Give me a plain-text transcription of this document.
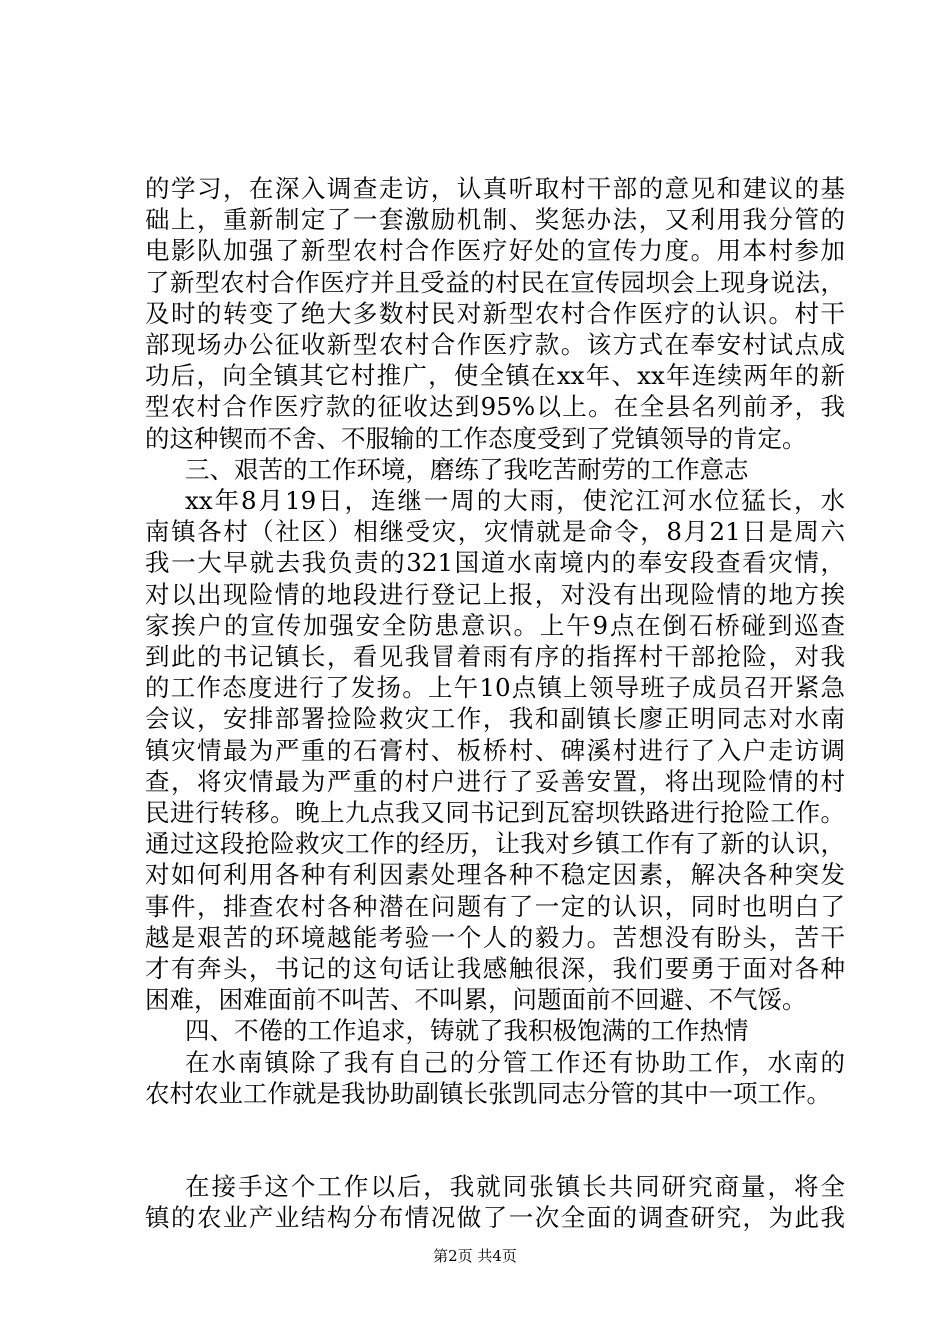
的学习，在深入调查走访，认真听取村干部的意见和建议的基
础上，重新制定了一套激励机制、奖惩办法，又利用我分管的
电影队加强了新型农村合作医疗好处的宣传力度。用本村参加
了新型农村合作医疗并且受益的村民在宣传园坝会上现身说法，
及时的转变了绝大多数村民对新型农村合作医疗的认识。村干
部现场办公征收新型农村合作医疗款。该方式在奉安村试点成
功后，向全镇其它村推广，使全镇在xx年、xx年连续两年的新
型农村合作医疗款的征收达到95%以上。在全县名列前矛，我
的这种锲而不舍、不服输的工作态度受到了党镇领导的肯定。
三、艰苦的工作环境，磨练了我吃苦耐劳的工作意志
xx年8月19日，连继一周的大雨，使沱江河水位猛长，水
南镇各村（社区）相继受灾，灾情就是命令，8月21日是周六
我一大早就去我负责的321国道水南境内的奉安段查看灾情，
对以出现险情的地段进行登记上报，对没有出现险情的地方挨
家挨户的宣传加强安全防患意识。上午9点在倒石桥碰到巡查
到此的书记镇长，看见我冒着雨有序的指挥村干部抢险，对我
的工作态度进行了发扬。上午10点镇上领导班子成员召开紧急
会议，安排部署捡险救灾工作，我和副镇长廖正明同志对水南
镇灾情最为严重的石膏村、板桥村、碑溪村进行了入户走访调
查，将灾情最为严重的村户进行了妥善安置，将出现险情的村
民进行转移。晚上九点我又同书记到瓦窑坝铁路进行抢险工作。
通过这段抢险救灾工作的经历，让我对乡镇工作有了新的认识，
对如何利用各种有利因素处理各种不稳定因素，解决各种突发
事件，排查农村各种潜在问题有了一定的认识，同时也明白了
越是艰苦的环境越能考验一个人的毅力。苦想没有盼头，苦干
才有奔头，书记的这句话让我感触很深，我们要勇于面对各种
困难，困难面前不叫苦、不叫累，问题面前不回避、不气馁。
四、不倦的工作追求，铸就了我积极饱满的工作热情
在水南镇除了我有自己的分管工作还有协助工作，水南的
农村农业工作就是我协助副镇长张凯同志分管的其中一项工作。
在接手这个工作以后，我就同张镇长共同研究商量，将全
镇的农业产业结构分布情况做了一次全面的调查研究，为此我
第2页 共4页
